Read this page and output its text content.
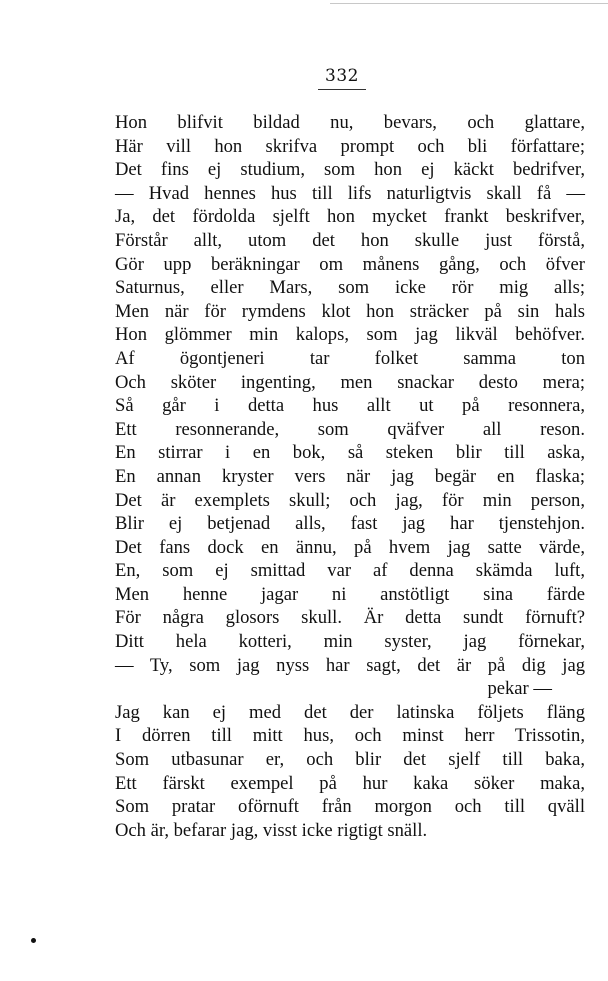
332
Hon blifvit bildad nu, bevars, och glattare,
Här vill hon skrifva prompt och bli författare;
Det fins ej studium, som hon ej käckt bedrifver,
— Hvad hennes hus till lifs naturligtvis skall få —
Ja, det fördolda sjelft hon mycket frankt beskrifver,
Förstår allt, utom det hon skulle just förstå,
Gör upp beräkningar om månens gång, och öfver
Saturnus, eller Mars, som icke rör mig alls;
Men när för rymdens klot hon sträcker på sin hals
Hon glömmer min kalops, som jag likväl behöfver.
Af ögontjeneri tar folket samma ton
Och sköter ingenting, men snackar desto mera;
Så går i detta hus allt ut på resonnera,
Ett resonnerande, som qväfver all reson.
En stirrar i en bok, så steken blir till aska,
En annan kryster vers när jag begär en flaska;
Det är exemplets skull; och jag, för min person,
Blir ej betjenad alls, fast jag har tjenstehjon.
Det fans dock en ännu, på hvem jag satte värde,
En, som ej smittad var af denna skämda luft,
Men henne jagar ni anstötligt sina färde
För några glosors skull. Är detta sundt förnuft?
Ditt hela kotteri, min syster, jag förnekar,
— Ty, som jag nyss har sagt, det är på dig jag
pekar —
Jag kan ej med det der latinska följets fläng
I dörren till mitt hus, och minst herr Trissotin,
Som utbasunar er, och blir det sjelf till baka,
Ett färskt exempel på hur kaka söker maka,
Som pratar oförnuft från morgon och till qväll
Och är, befarar jag, visst icke rigtigt snäll.
